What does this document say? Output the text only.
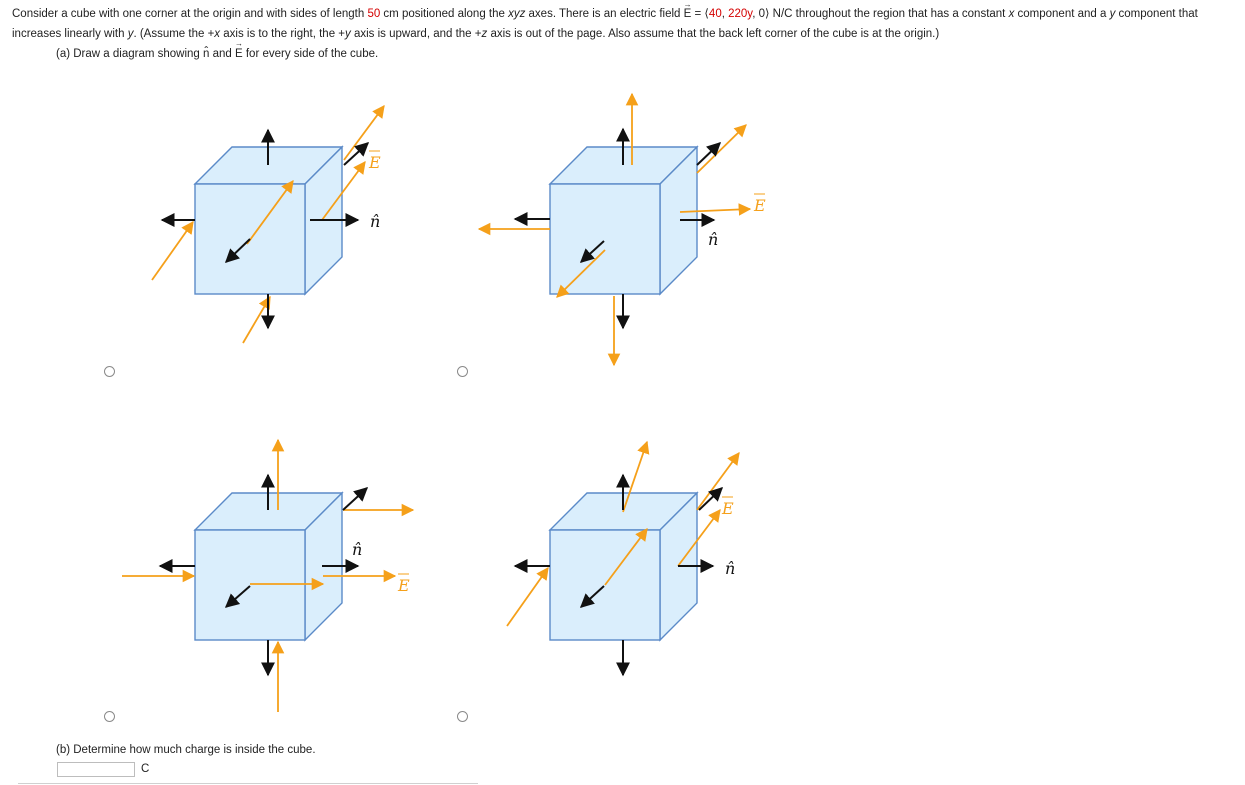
Consider a cube with one corner at the origin and with sides of length 50 cm positioned along the xyz axes. There is an electric field → E = ⟨40, 220y, 0⟩ N/C throughout the region that has a constant x component and a y component that increases linearly with y. (Assume the +x axis is to the right, the +y axis is upward, and the +z axis is out of the page. Also assume that the back left corner of the cube is at the origin.)
(a) Draw a diagram showing n̂ and → E for every side of the cube.
n̂
E
n̂
E
n̂
E
n̂
E
(b) Determine how much charge is inside the cube.
C
